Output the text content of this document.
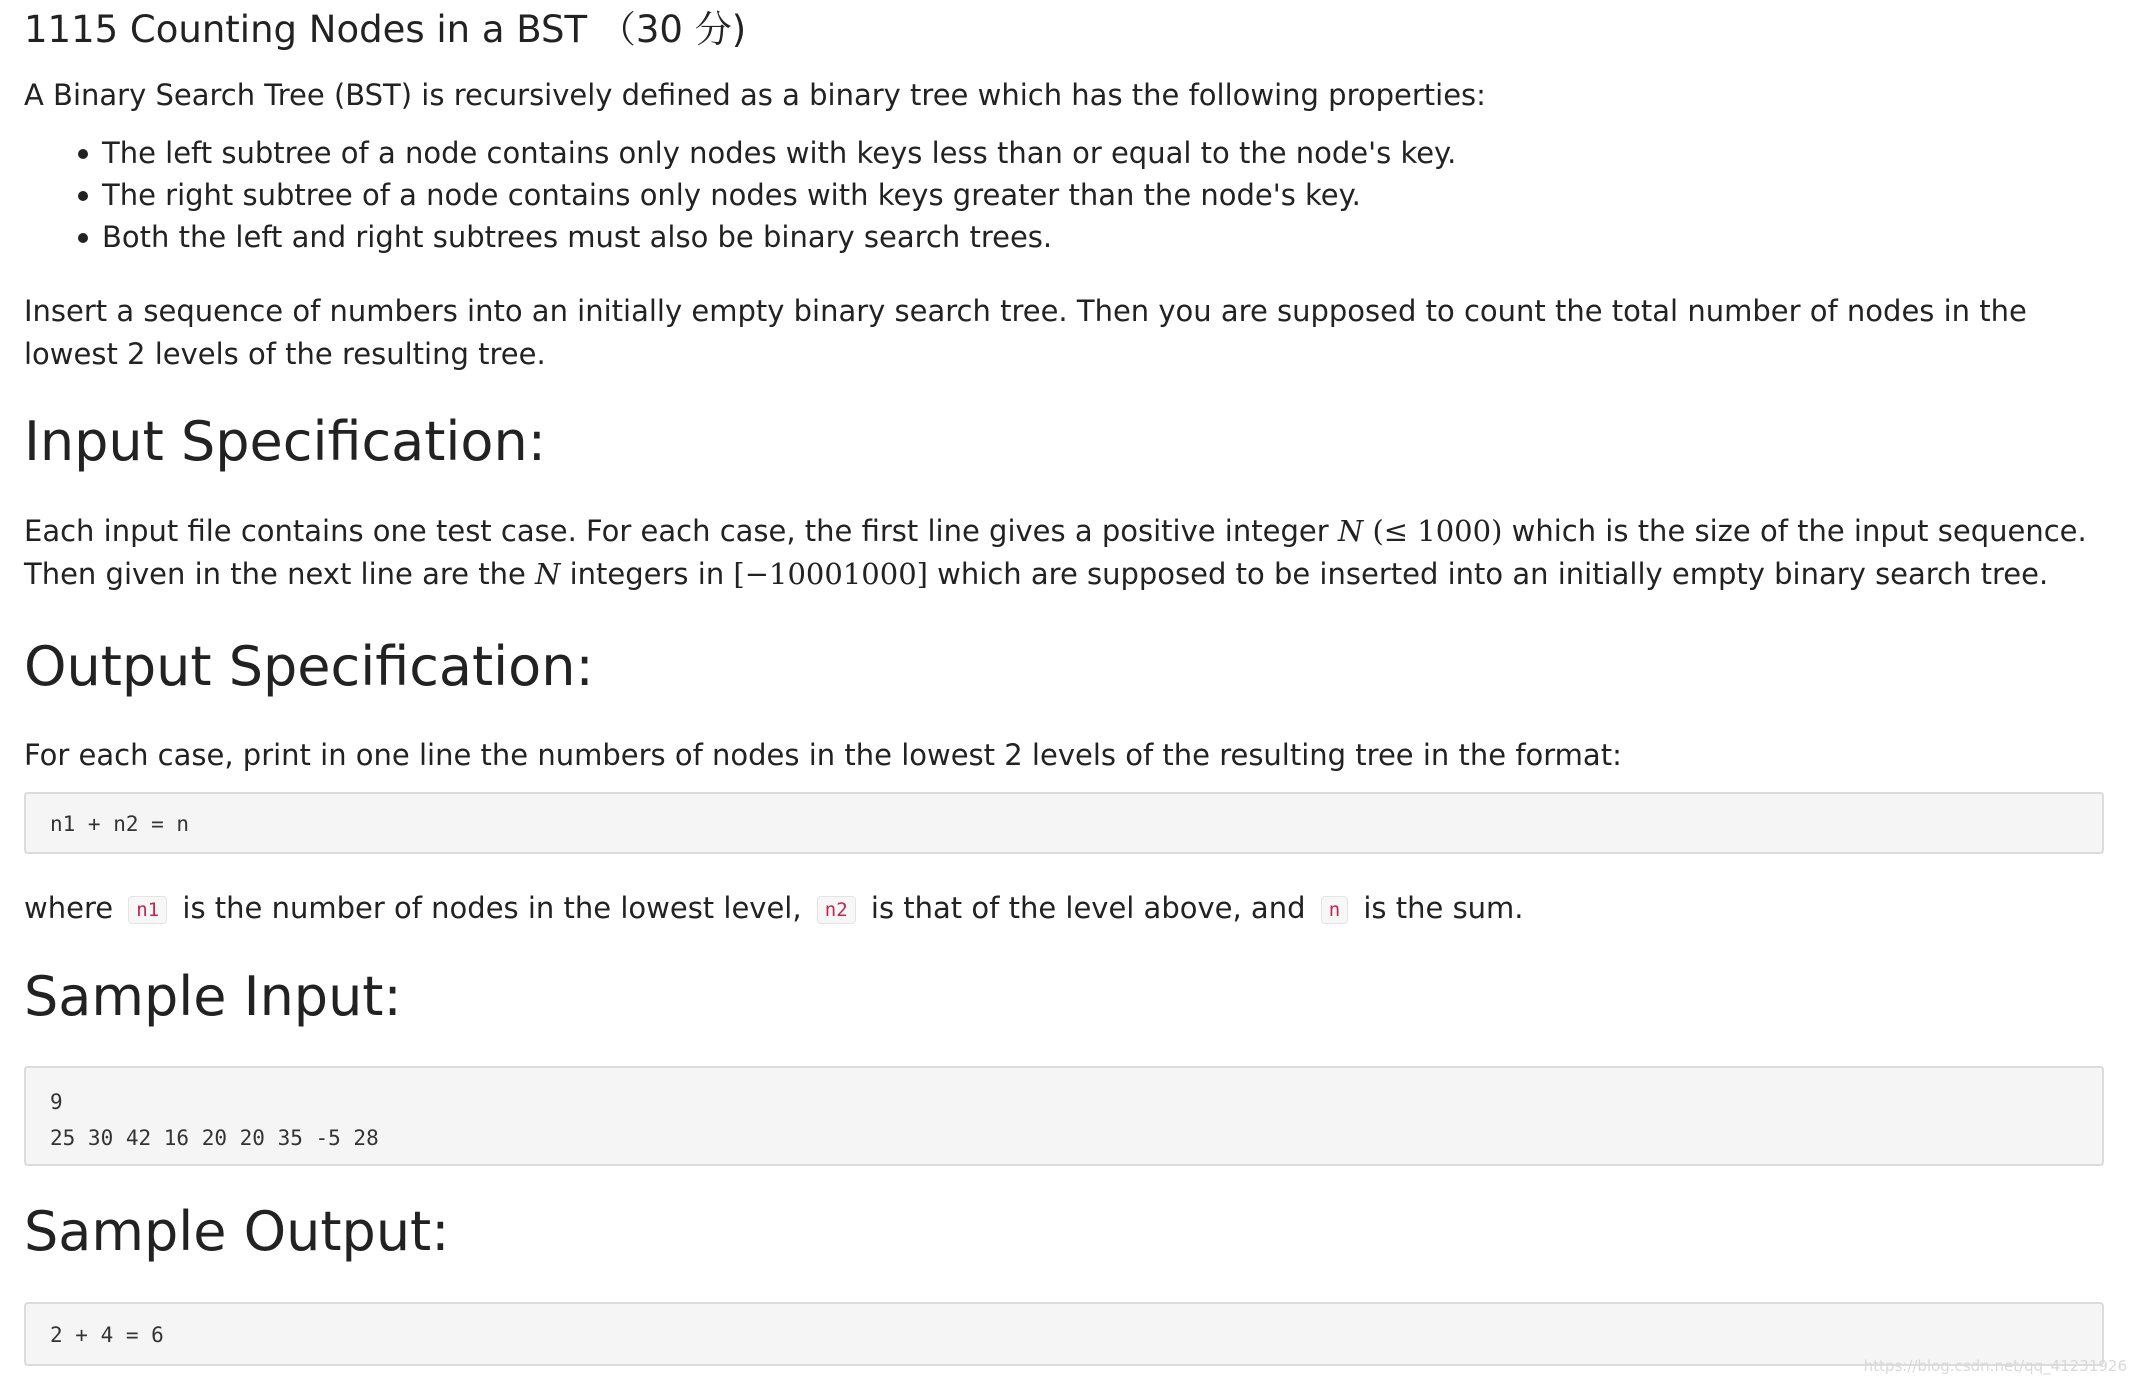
1115 Counting Nodes in a BST （30 分)

A Binary Search Tree (BST) is recursively defined as a binary tree which has the following properties:

The left subtree of a node contains only nodes with keys less than or equal to the node's key.
The right subtree of a node contains only nodes with keys greater than the node's key.
Both the left and right subtrees must also be binary search trees.

Insert a sequence of numbers into an initially empty binary search tree. Then you are supposed to count the total number of nodes in the lowest 2 levels of the resulting tree.

Input Specification:

Each input file contains one test case. For each case, the first line gives a positive integer N (≤ 1000) which is the size of the input sequence. Then given in the next line are the N integers in [−10001000] which are supposed to be inserted into an initially empty binary search tree.

Output Specification:

For each case, print in one line the numbers of nodes in the lowest 2 levels of the resulting tree in the format:

n1 + n2 = n

where n1 is the number of nodes in the lowest level, n2 is that of the level above, and n is the sum.

Sample Input:
9
25 30 42 16 20 20 35 -5 28
Sample Output:
2 + 4 = 6
https://blog.csdn.net/qq_41231926
